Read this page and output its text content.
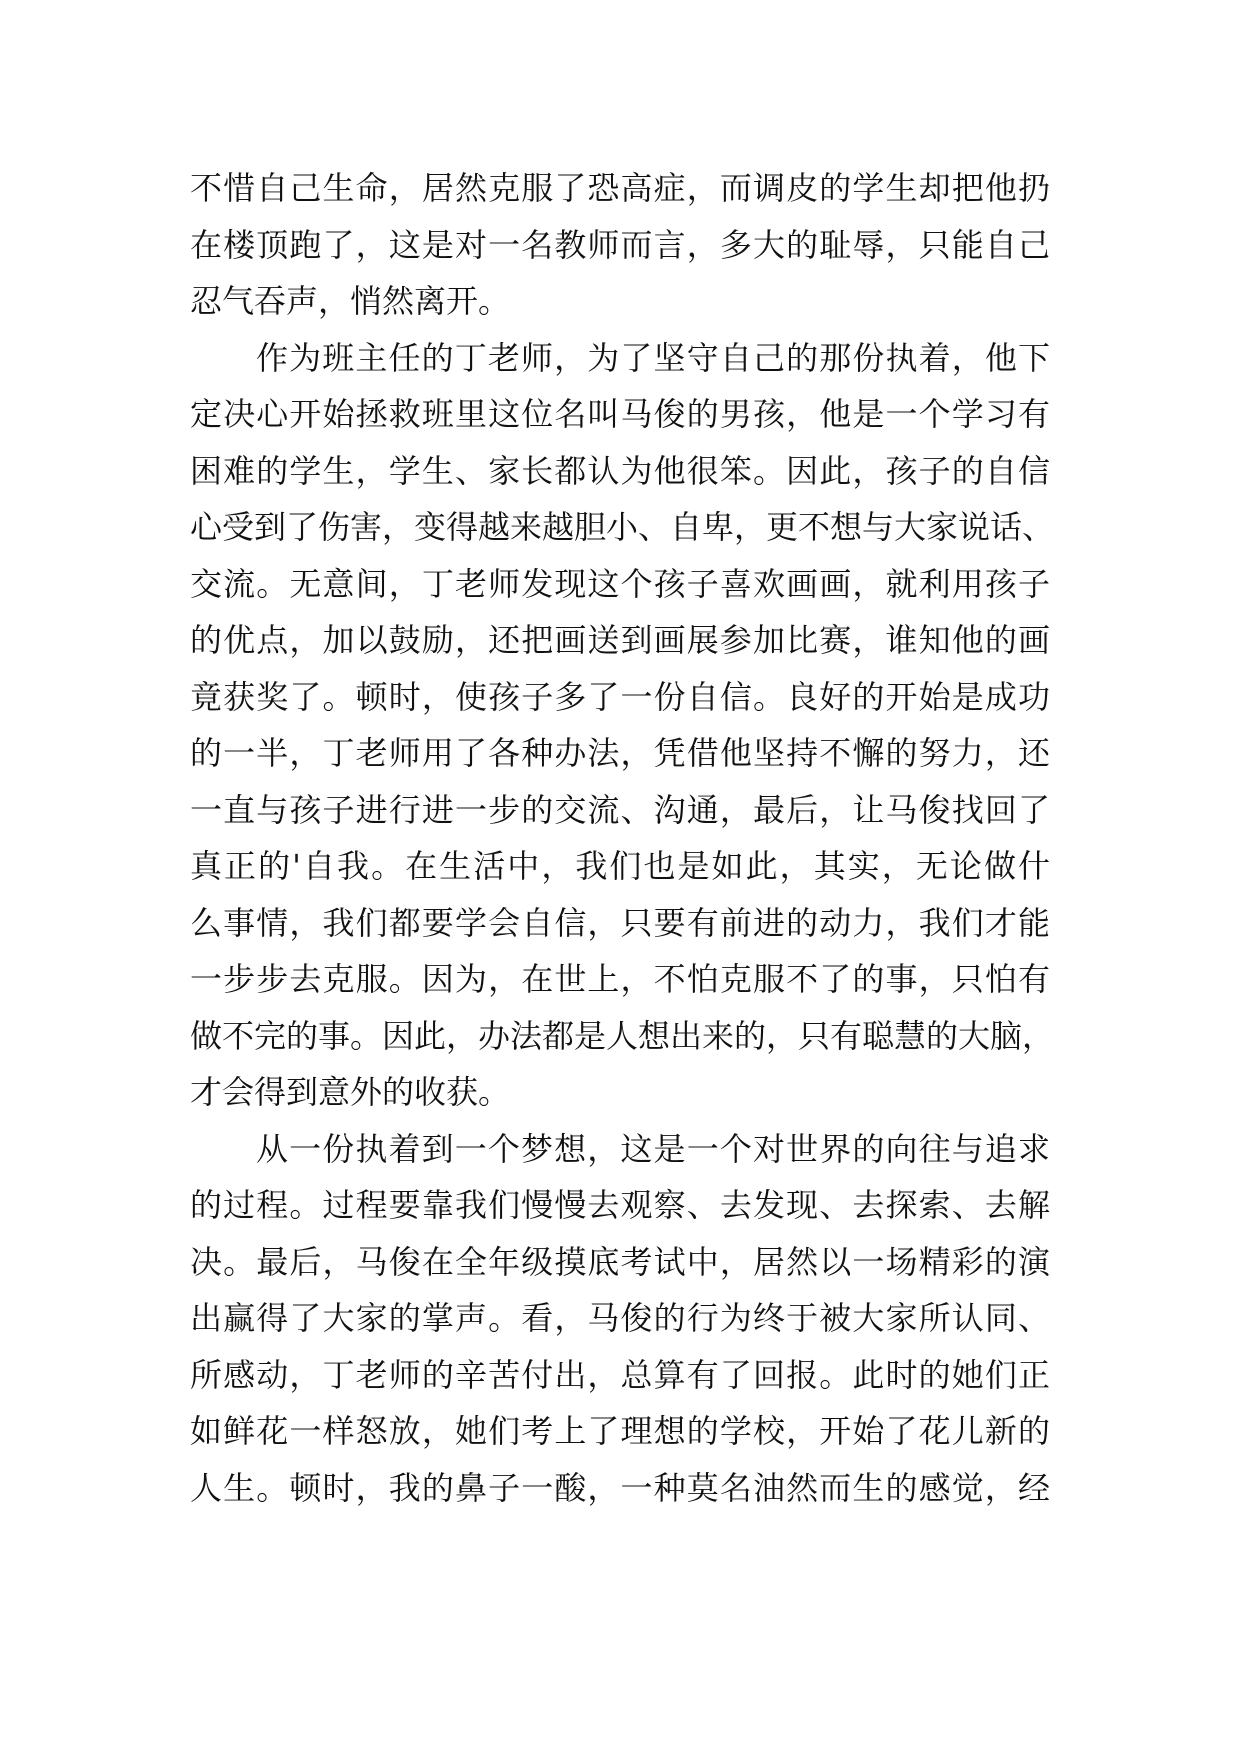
不惜自己生命，居然克服了恐高症，而调皮的学生却把他扔
在楼顶跑了，这是对一名教师而言，多大的耻辱，只能自己
忍气吞声，悄然离开。
作为班主任的丁老师，为了坚守自己的那份执着，他下
定决心开始拯救班里这位名叫马俊的男孩，他是一个学习有
困难的学生，学生、家长都认为他很笨。因此，孩子的自信
心受到了伤害，变得越来越胆小、自卑，更不想与大家说话、
交流。无意间，丁老师发现这个孩子喜欢画画，就利用孩子
的优点，加以鼓励，还把画送到画展参加比赛，谁知他的画
竟获奖了。顿时，使孩子多了一份自信。良好的开始是成功
的一半，丁老师用了各种办法，凭借他坚持不懈的努力，还
一直与孩子进行进一步的交流、沟通，最后，让马俊找回了
真正的'自我。在生活中，我们也是如此，其实，无论做什
么事情，我们都要学会自信，只要有前进的动力，我们才能
一步步去克服。因为，在世上，不怕克服不了的事，只怕有
做不完的事。因此，办法都是人想出来的，只有聪慧的大脑，
才会得到意外的收获。
从一份执着到一个梦想，这是一个对世界的向往与追求
的过程。过程要靠我们慢慢去观察、去发现、去探索、去解
决。最后，马俊在全年级摸底考试中，居然以一场精彩的演
出赢得了大家的掌声。看，马俊的行为终于被大家所认同、
所感动，丁老师的辛苦付出，总算有了回报。此时的她们正
如鲜花一样怒放，她们考上了理想的学校，开始了花儿新的
人生。顿时，我的鼻子一酸，一种莫名油然而生的感觉，经
